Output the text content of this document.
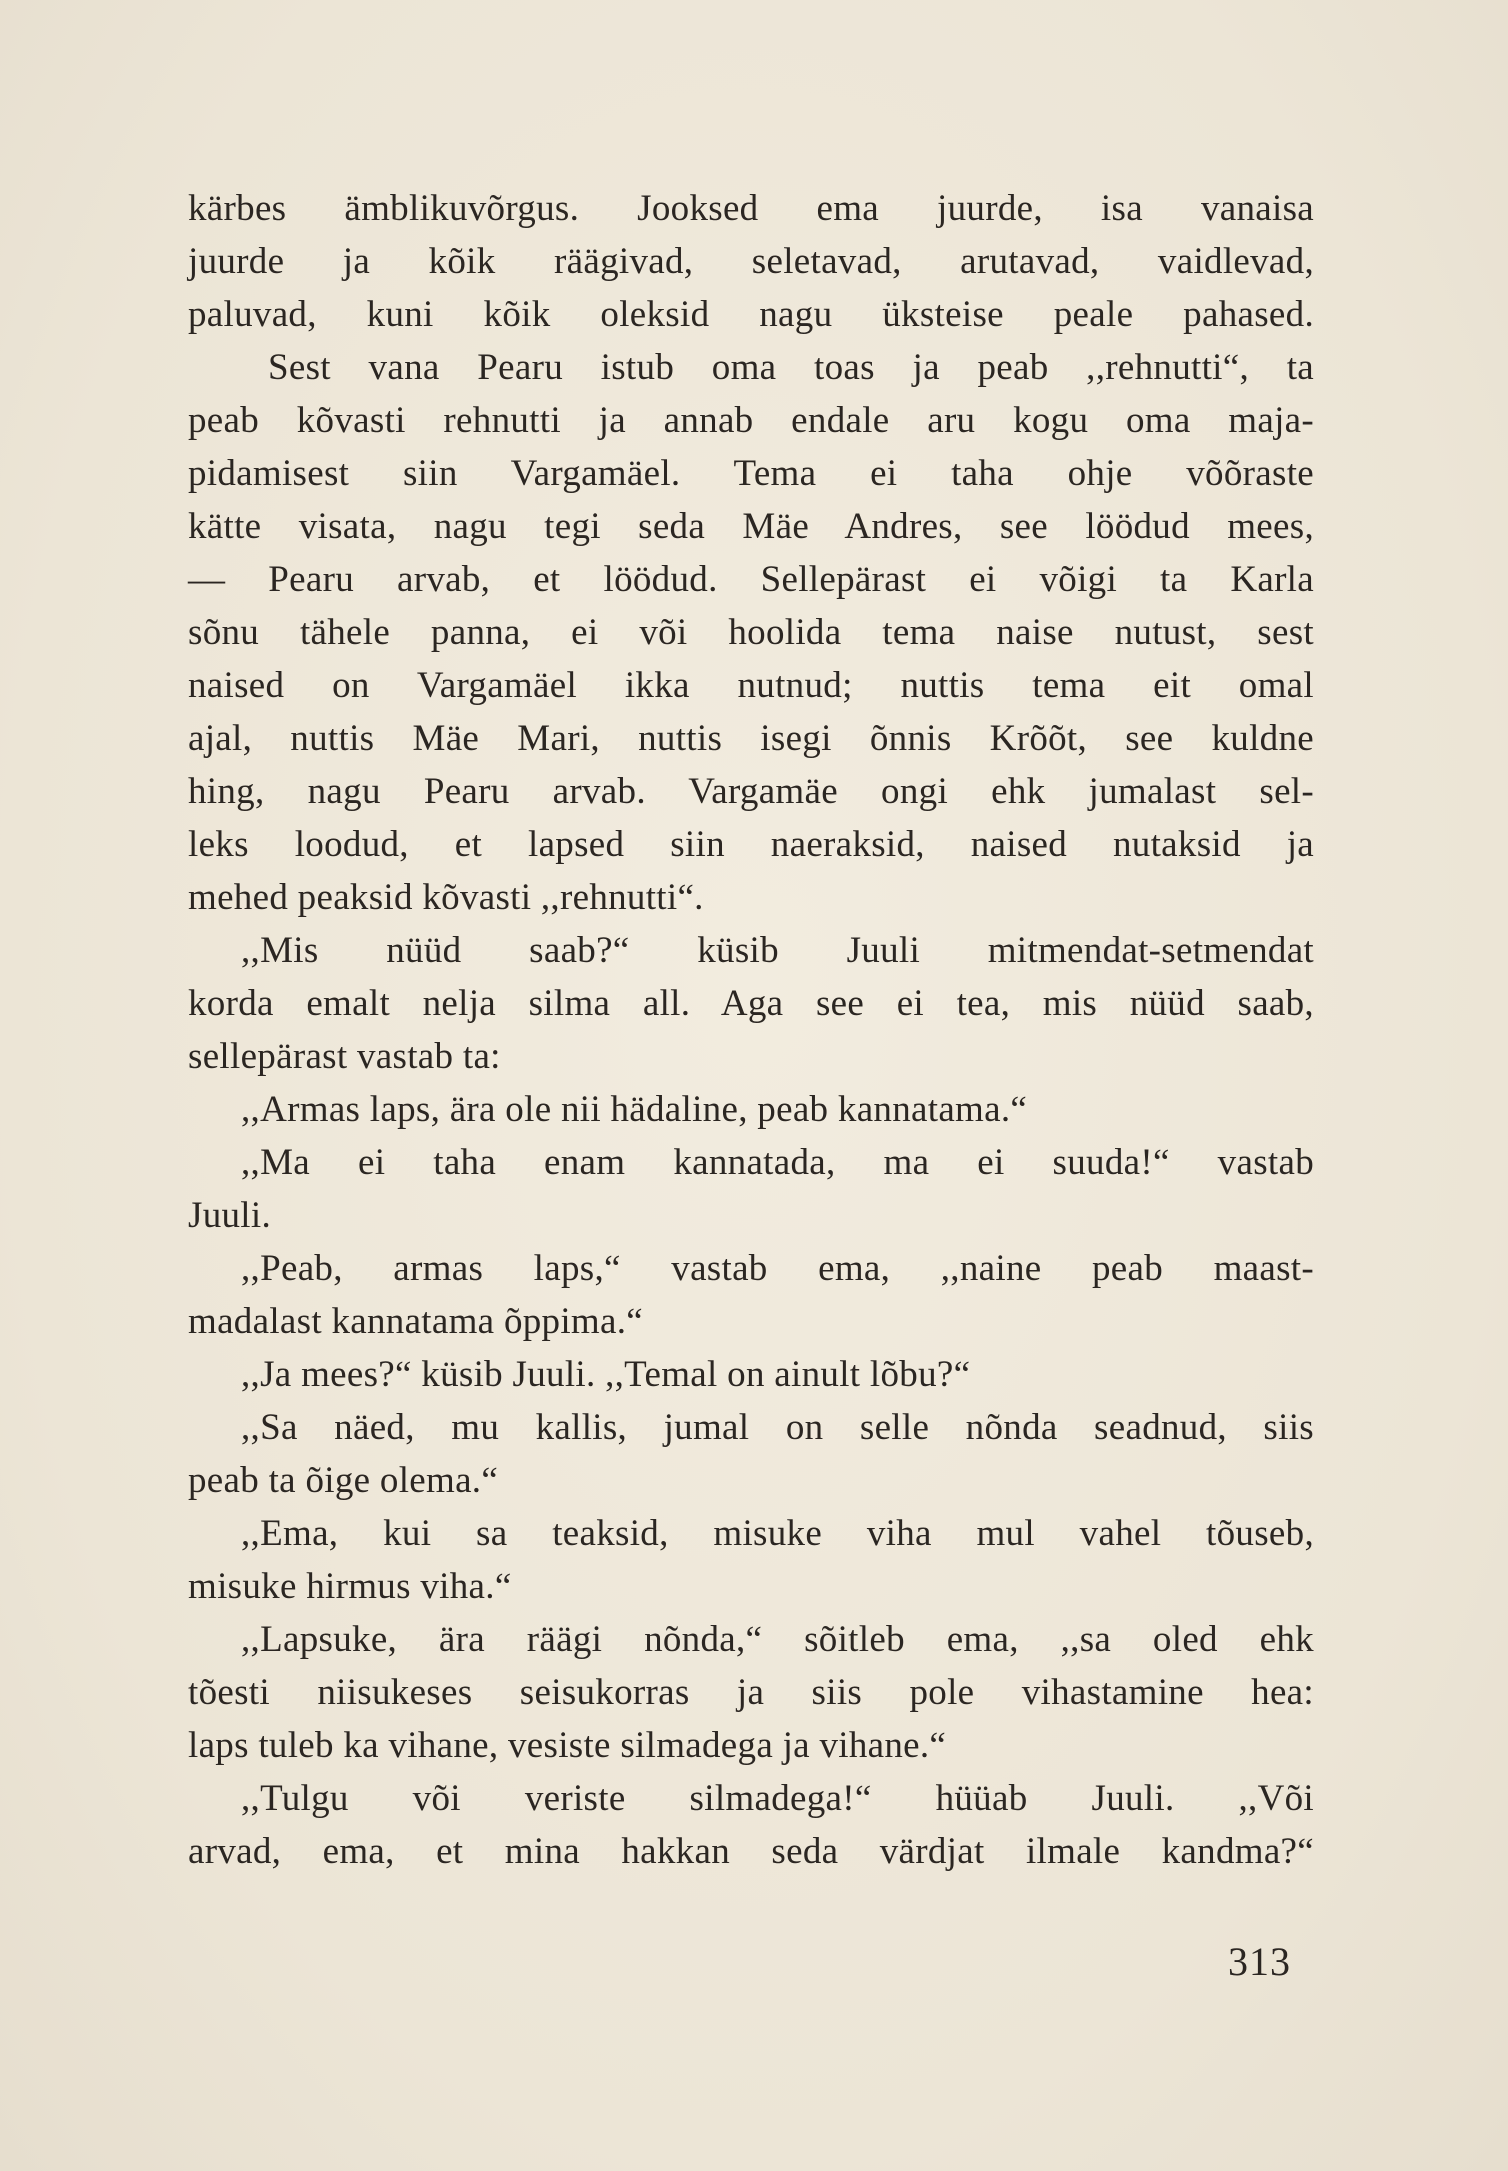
kärbes ämblikuvõrgus. Jooksed ema juurde, isa vanaisa
juurde ja kõik räägivad, seletavad, arutavad, vaidlevad,
paluvad, kuni kõik oleksid nagu üksteise peale pahased.
Sest vana Pearu istub oma toas ja peab ,,rehnutti“, ta
peab kõvasti rehnutti ja annab endale aru kogu oma maja-
pidamisest siin Vargamäel. Tema ei taha ohje võõraste
kätte visata, nagu tegi seda Mäe Andres, see löödud mees,
— Pearu arvab, et löödud. Sellepärast ei võigi ta Karla
sõnu tähele panna, ei või hoolida tema naise nutust, sest
naised on Vargamäel ikka nutnud; nuttis tema eit omal
ajal, nuttis Mäe Mari, nuttis isegi õnnis Krõõt, see kuldne
hing, nagu Pearu arvab. Vargamäe ongi ehk jumalast sel-
leks loodud, et lapsed siin naeraksid, naised nutaksid ja
mehed peaksid kõvasti ,,rehnutti“.
,,Mis nüüd saab?“ küsib Juuli mitmendat-setmendat
korda emalt nelja silma all. Aga see ei tea, mis nüüd saab,
sellepärast vastab ta:
,,Armas laps, ära ole nii hädaline, peab kannatama.“
,,Ma ei taha enam kannatada, ma ei suuda!“ vastab
Juuli.
,,Peab, armas laps,“ vastab ema, ,,naine peab maast-
madalast kannatama õppima.“
,,Ja mees?“ küsib Juuli. ,,Temal on ainult lõbu?“
,,Sa näed, mu kallis, jumal on selle nõnda seadnud, siis
peab ta õige olema.“
,,Ema, kui sa teaksid, misuke viha mul vahel tõuseb,
misuke hirmus viha.“
,,Lapsuke, ära räägi nõnda,“ sõitleb ema, ,,sa oled ehk
tõesti niisukeses seisukorras ja siis pole vihastamine hea:
laps tuleb ka vihane, vesiste silmadega ja vihane.“
,,Tulgu või veriste silmadega!“ hüüab Juuli. ,,Või
arvad, ema, et mina hakkan seda värdjat ilmale kandma?“
313
